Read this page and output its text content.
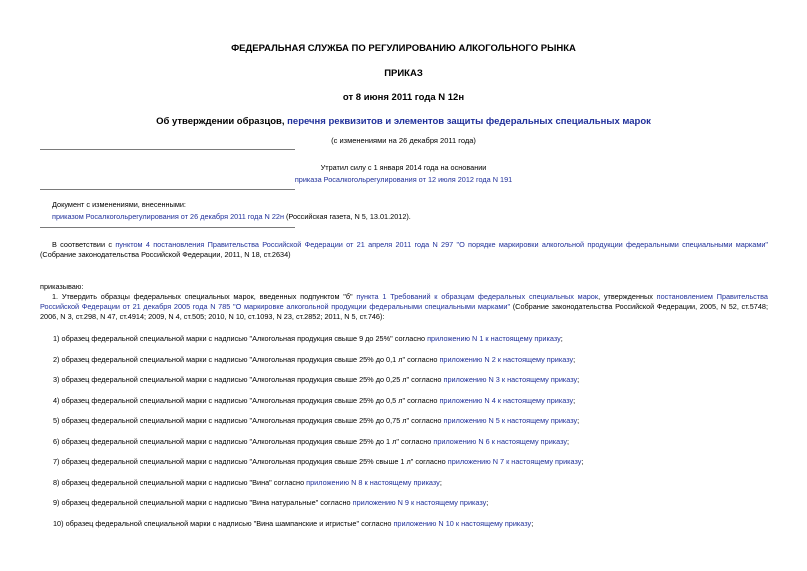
ФЕДЕРАЛЬНАЯ СЛУЖБА ПО РЕГУЛИРОВАНИЮ АЛКОГОЛЬНОГО РЫНКА
ПРИКАЗ
от 8 июня 2011 года N 12н
Об утверждении образцов, перечня реквизитов и элементов защиты федеральных специальных марок
(с изменениями на 26 декабря 2011 года)
Утратил силу с 1 января 2014 года на основании
приказа Росалкогольрегулирования от 12 июля 2012 года N 191
Документ с изменениями, внесенными:
приказом Росалкогольрегулирования от 26 декабря 2011 года N 22н (Российская газета, N 5, 13.01.2012).
В соответствии с пунктом 4 постановления Правительства Российской Федерации от 21 апреля 2011 года N 297 "О порядке маркировки алкогольной продукции федеральными специальными марками" (Собрание законодательства Российской Федерации, 2011, N 18, ст.2634)
приказываю:
1. Утвердить образцы федеральных специальных марок, введенных подпунктом "б" пункта 1 Требований к образцам федеральных специальных марок, утвержденных постановлением Правительства Российской Федерации от 21 декабря 2005 года N 785 "О маркировке алкогольной продукции федеральными специальными марками" (Собрание законодательства Российской Федерации, 2005, N 52, ст.5748; 2006, N 3, ст.298, N 47, ст.4914; 2009, N 4, ст.505; 2010, N 10, ст.1093, N 23, ст.2852; 2011, N 5, ст.746):
1) образец федеральной специальной марки с надписью "Алкогольная продукция свыше 9 до 25%" согласно приложению N 1 к настоящему приказу;
2) образец федеральной специальной марки с надписью "Алкогольная продукция свыше 25% до 0,1 л" согласно приложению N 2 к настоящему приказу;
3) образец федеральной специальной марки с надписью "Алкогольная продукция свыше 25% до 0,25 л" согласно приложению N 3 к настоящему приказу;
4) образец федеральной специальной марки с надписью "Алкогольная продукция свыше 25% до 0,5 л" согласно приложению N 4 к настоящему приказу;
5) образец федеральной специальной марки с надписью "Алкогольная продукция свыше 25% до 0,75 л" согласно приложению N 5 к настоящему приказу;
6) образец федеральной специальной марки с надписью "Алкогольная продукция свыше 25% до 1 л" согласно приложению N 6 к настоящему приказу;
7) образец федеральной специальной марки с надписью "Алкогольная продукция свыше 25% свыше 1 л" согласно приложению N 7 к настоящему приказу;
8) образец федеральной специальной марки с надписью "Вина" согласно приложению N 8 к настоящему приказу;
9) образец федеральной специальной марки с надписью "Вина натуральные" согласно приложению N 9 к настоящему приказу;
10) образец федеральной специальной марки с надписью "Вина шампанские и игристые" согласно приложению N 10 к настоящему приказу;
